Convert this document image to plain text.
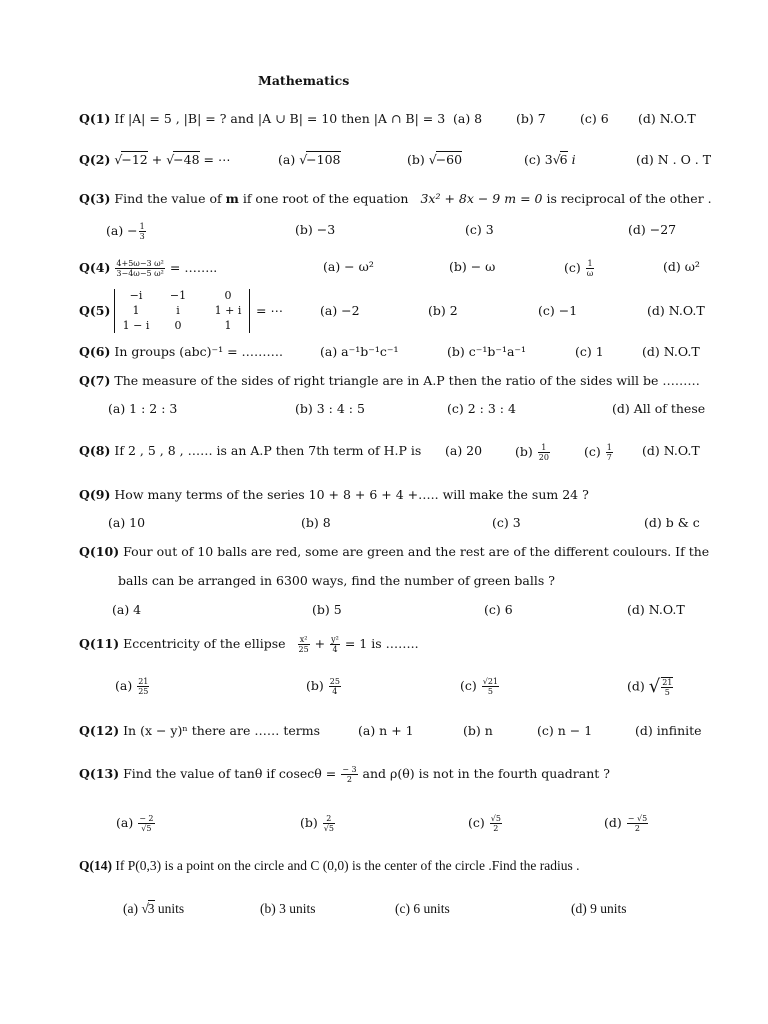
Mathematics
Q(1) If |A| = 5 , |B| = ? and |A ∪ B| = 10 then |A ∩ B| = 3 (a) 8	(b) 7	(c) 6 (d) N.O.T
Q(2) √−12 + √−48 = ⋯	(a) √−108	(b) √−60	(c) 3√6 i	(d) N . O . T
Q(3) Find the value of m if one root of the equation 3x² + 8x − 9 m = 0 is reciprocal of the other .
$(a) - \frac{1}{3}$	(b) −3	(c) 3	(d) −27
$Q(4) \frac{\text{4+5ω−3 ω²}}{\text{3−4ω−5 ω²}}$ = ……..	(a) − ω²	(b) − ω	$(c) \frac{1}{\omega}$	(d) ω²
Q(5)
−i	−1	0
1	i	1 + i
1 − i	0	1
= ⋯	(a) −2	(b) 2	(c) −1	(d) N.O.T
Q(6) In groups (abc)⁻¹ = ……….	(a) a⁻¹b⁻¹c⁻¹	(b) c⁻¹b⁻¹a⁻¹	(c) 1	(d) N.O.T
Q(7) The measure of the sides of right triangle are in A.P then the ratio of the sides will be ………
(a) 1 : 2 : 3	(b) 3 : 4 : 5	(c) 2 : 3 : 4	(d) All of these
Q(8) If 2 , 5 , 8 , …… is an A.P then 7th term of H.P is (a) 20	$(b) \frac{1}{20}$	$(c) \frac{1}{7} (d)$ N.O.T
Q(9) How many terms of the series 10 + 8 + 6 + 4 +….. will make the sum 24 ?
(a) 10	(b) 8	(c) 3	(d) b & c
Q(10) Four out of 10 balls are red, some are green and the rest are of the different coulours. If the
balls can be arranged in 6300 ways, find the number of green balls ?
(a) 4	(b) 5	(c) 6	(d) N.O.T
Q(11) Eccentricity of the ellipse $\frac{\text{x²}}{25} + \frac{\text{y²}}{4} = 1$ is ……..
$(a) \frac{21}{25}$	$(b) \frac{25}{4}$	$(c) \frac{√21}{5}$	(d) √ $\frac{21}{5}$
Q(12) In (x − y)ⁿ there are …… terms	(a) n + 1	(b) n	(c) n − 1	(d) infinite
Q(13) Find the value of tanθ if $cosec\theta = \frac{- 3}{2}$ and ρ(θ) is not in the fourth quadrant ?
$(a) \frac{- 2}{√5}$	$(b) \frac{2}{√5}$	$(c) \frac{√5}{2}$	$(d) \frac{- √5}{2}$
Q(14) If P(0,3) is a point on the circle and C (0,0) is the center of the circle .Find the radius .
(a) √3 units	(b) 3 units	(c) 6 units	(d) 9 units
